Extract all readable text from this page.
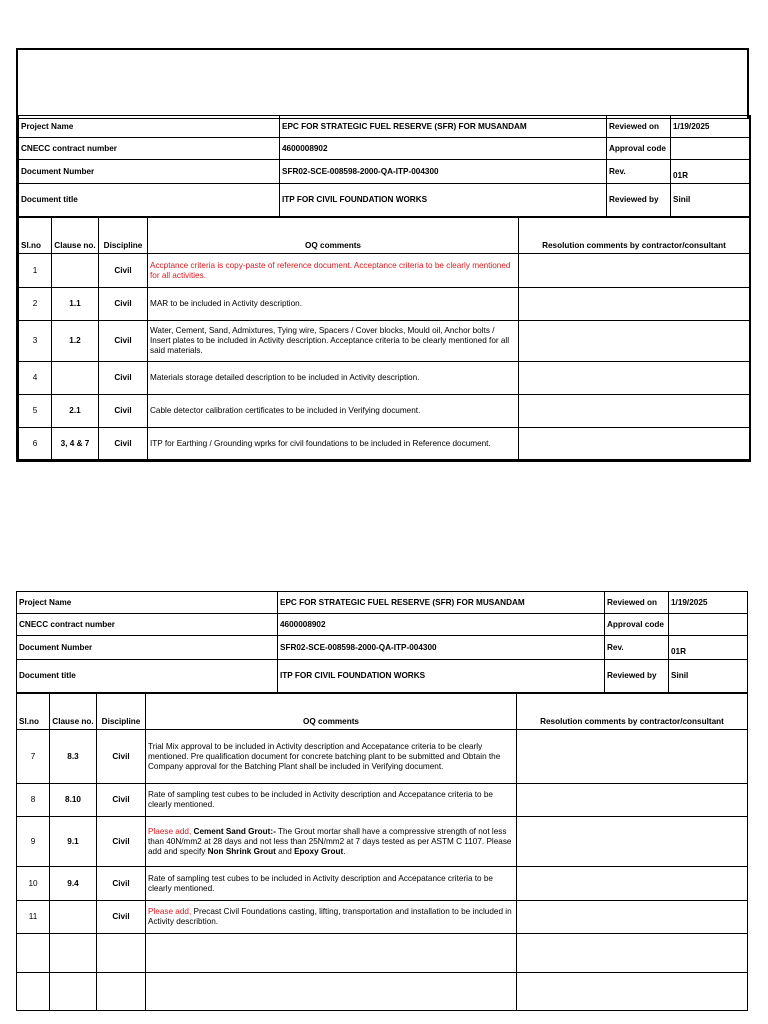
Project Name	EPC FOR STRATEGIC FUEL RESERVE (SFR) FOR MUSANDAM	Reviewed on	1/19/2025
CNECC contract number	4600008902	Approval code	
Document Number	SFR02-SCE-008598-2000-QA-ITP-004300	Rev.	01R
Document title	ITP FOR CIVIL FOUNDATION WORKS	Reviewed by	Sinil
Sl.no	Clause no.	Discipline	OQ comments	Resolution comments by contractor/consultant
1		Civil	Accptance criteria is copy-paste of reference document. Acceptance criteria to be clearly mentioned for all activities.	
2	1.1	Civil	MAR to be included in Activity description.	
3	1.2	Civil	Water, Cement, Sand, Admixtures, Tying wire, Spacers / Cover blocks, Mould oil, Anchor bolts / Insert plates to be included in Activity description. Acceptance criteria to be clearly mentioned for all said materials.	
4		Civil	Materials storage detailed description to be included in Activity description.	
5	2.1	Civil	Cable detector calibration certificates to be included in Verifying document.	
6	3, 4 & 7	Civil	ITP for Earthing / Grounding wprks for civil foundations to be included in Reference document.	
Project Name	EPC FOR STRATEGIC FUEL RESERVE (SFR) FOR MUSANDAM	Reviewed on	1/19/2025
CNECC contract number	4600008902	Approval code	
Document Number	SFR02-SCE-008598-2000-QA-ITP-004300	Rev.	01R
Document title	ITP FOR CIVIL FOUNDATION WORKS	Reviewed by	Sinil
Sl.no	Clause no.	Discipline	OQ comments	Resolution comments by contractor/consultant
7	8.3	Civil	Trial Mix approval to be included in Activity description and Accepatance criteria to be clearly mentioned. Pre qualification document for concrete batching plant to be submitted and Obtain the Company approval for the Batching Plant shall be included in Verifying document.	
8	8.10	Civil	Rate of sampling test cubes to be included in Activity description and Accepatance criteria to be clearly mentioned.	
9	9.1	Civil	Plaese add, Cement Sand Grout:- The Grout mortar shall have a compressive strength of not less than 40N/mm2 at 28 days and not less than 25N/mm2 at 7 days tested as per ASTM C 1107. Please add and specify Non Shrink Grout and Epoxy Grout.	
10	9.4	Civil	Rate of sampling test cubes to be included in Activity description and Accepatance criteria to be clearly mentioned.	
11		Civil	Please add, Precast Civil Foundations casting, lifting, transportation and installation to be included in Activity describtion.	
